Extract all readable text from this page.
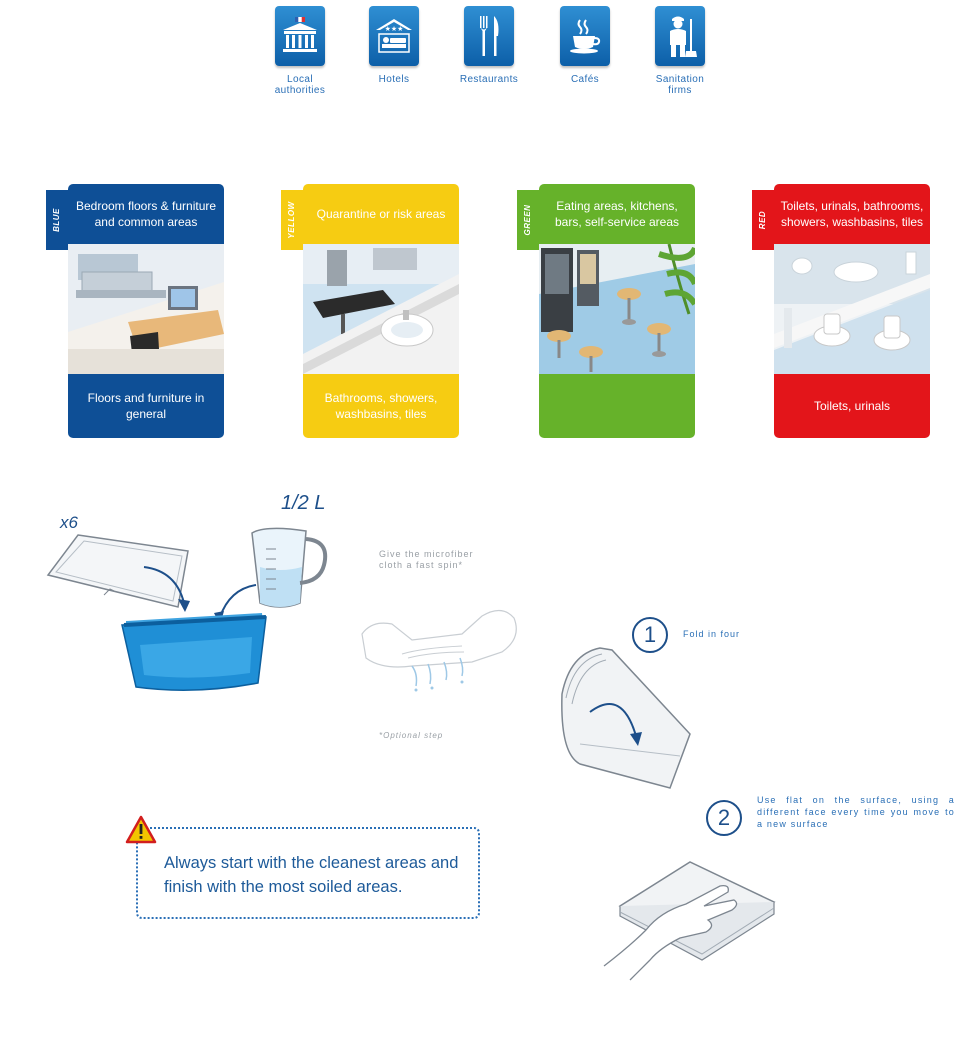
Local
authorities
★★★
Hotels	Restaurants	Cafés	Sanitation
firms
Bedroom floors & furniture and common areas
Floors and furniture in general
BLUE	Quarantine or risk areas
Bathrooms, showers, washbasins, tiles
YELLOW	Eating areas, kitchens, bars, self-service areas
GREEN	Toilets, urinals, bathrooms, showers, washbasins, tiles
Toilets, urinals
RED
x6
1/2 L
Give the microfiber
cloth a fast spin*
*Optional step
1	Fold in four
2
Use flat on the surface, using a different face every time you move to a new surface
Always start with the cleanest areas and finish with the most soiled areas.
